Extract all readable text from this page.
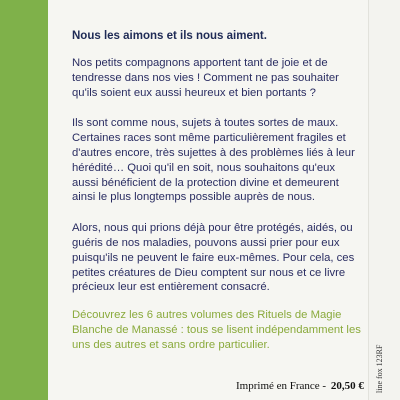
line fox 123RF

Nous les aimons et ils nous aiment.

Nos petits compagnons apportent tant de joie et de tendresse dans nos vies ! Comment ne pas souhaiter qu'ils soient eux aussi heureux et bien portants ?

Ils sont comme nous, sujets à toutes sortes de maux. Certaines races sont même particulièrement fragiles et d'autres encore, très sujettes à des problèmes liés à leur hérédité… Quoi qu'il en soit, nous souhaitons qu'eux aussi bénéficient de la protection divine et demeurent ainsi le plus longtemps possible auprès de nous.

Alors, nous qui prions déjà pour être protégés, aidés, ou guéris de nos maladies, pouvons aussi prier pour eux puisqu'ils ne peuvent le faire eux-mêmes. Pour cela, ces petites créatures de Dieu comptent sur nous et ce livre précieux leur est entièrement consacré.

Découvrez les 6 autres volumes des Rituels de Magie Blanche de Manassé : tous se lisent indépendamment les uns des autres et sans ordre particulier.

Imprimé en France - 20,50 €
